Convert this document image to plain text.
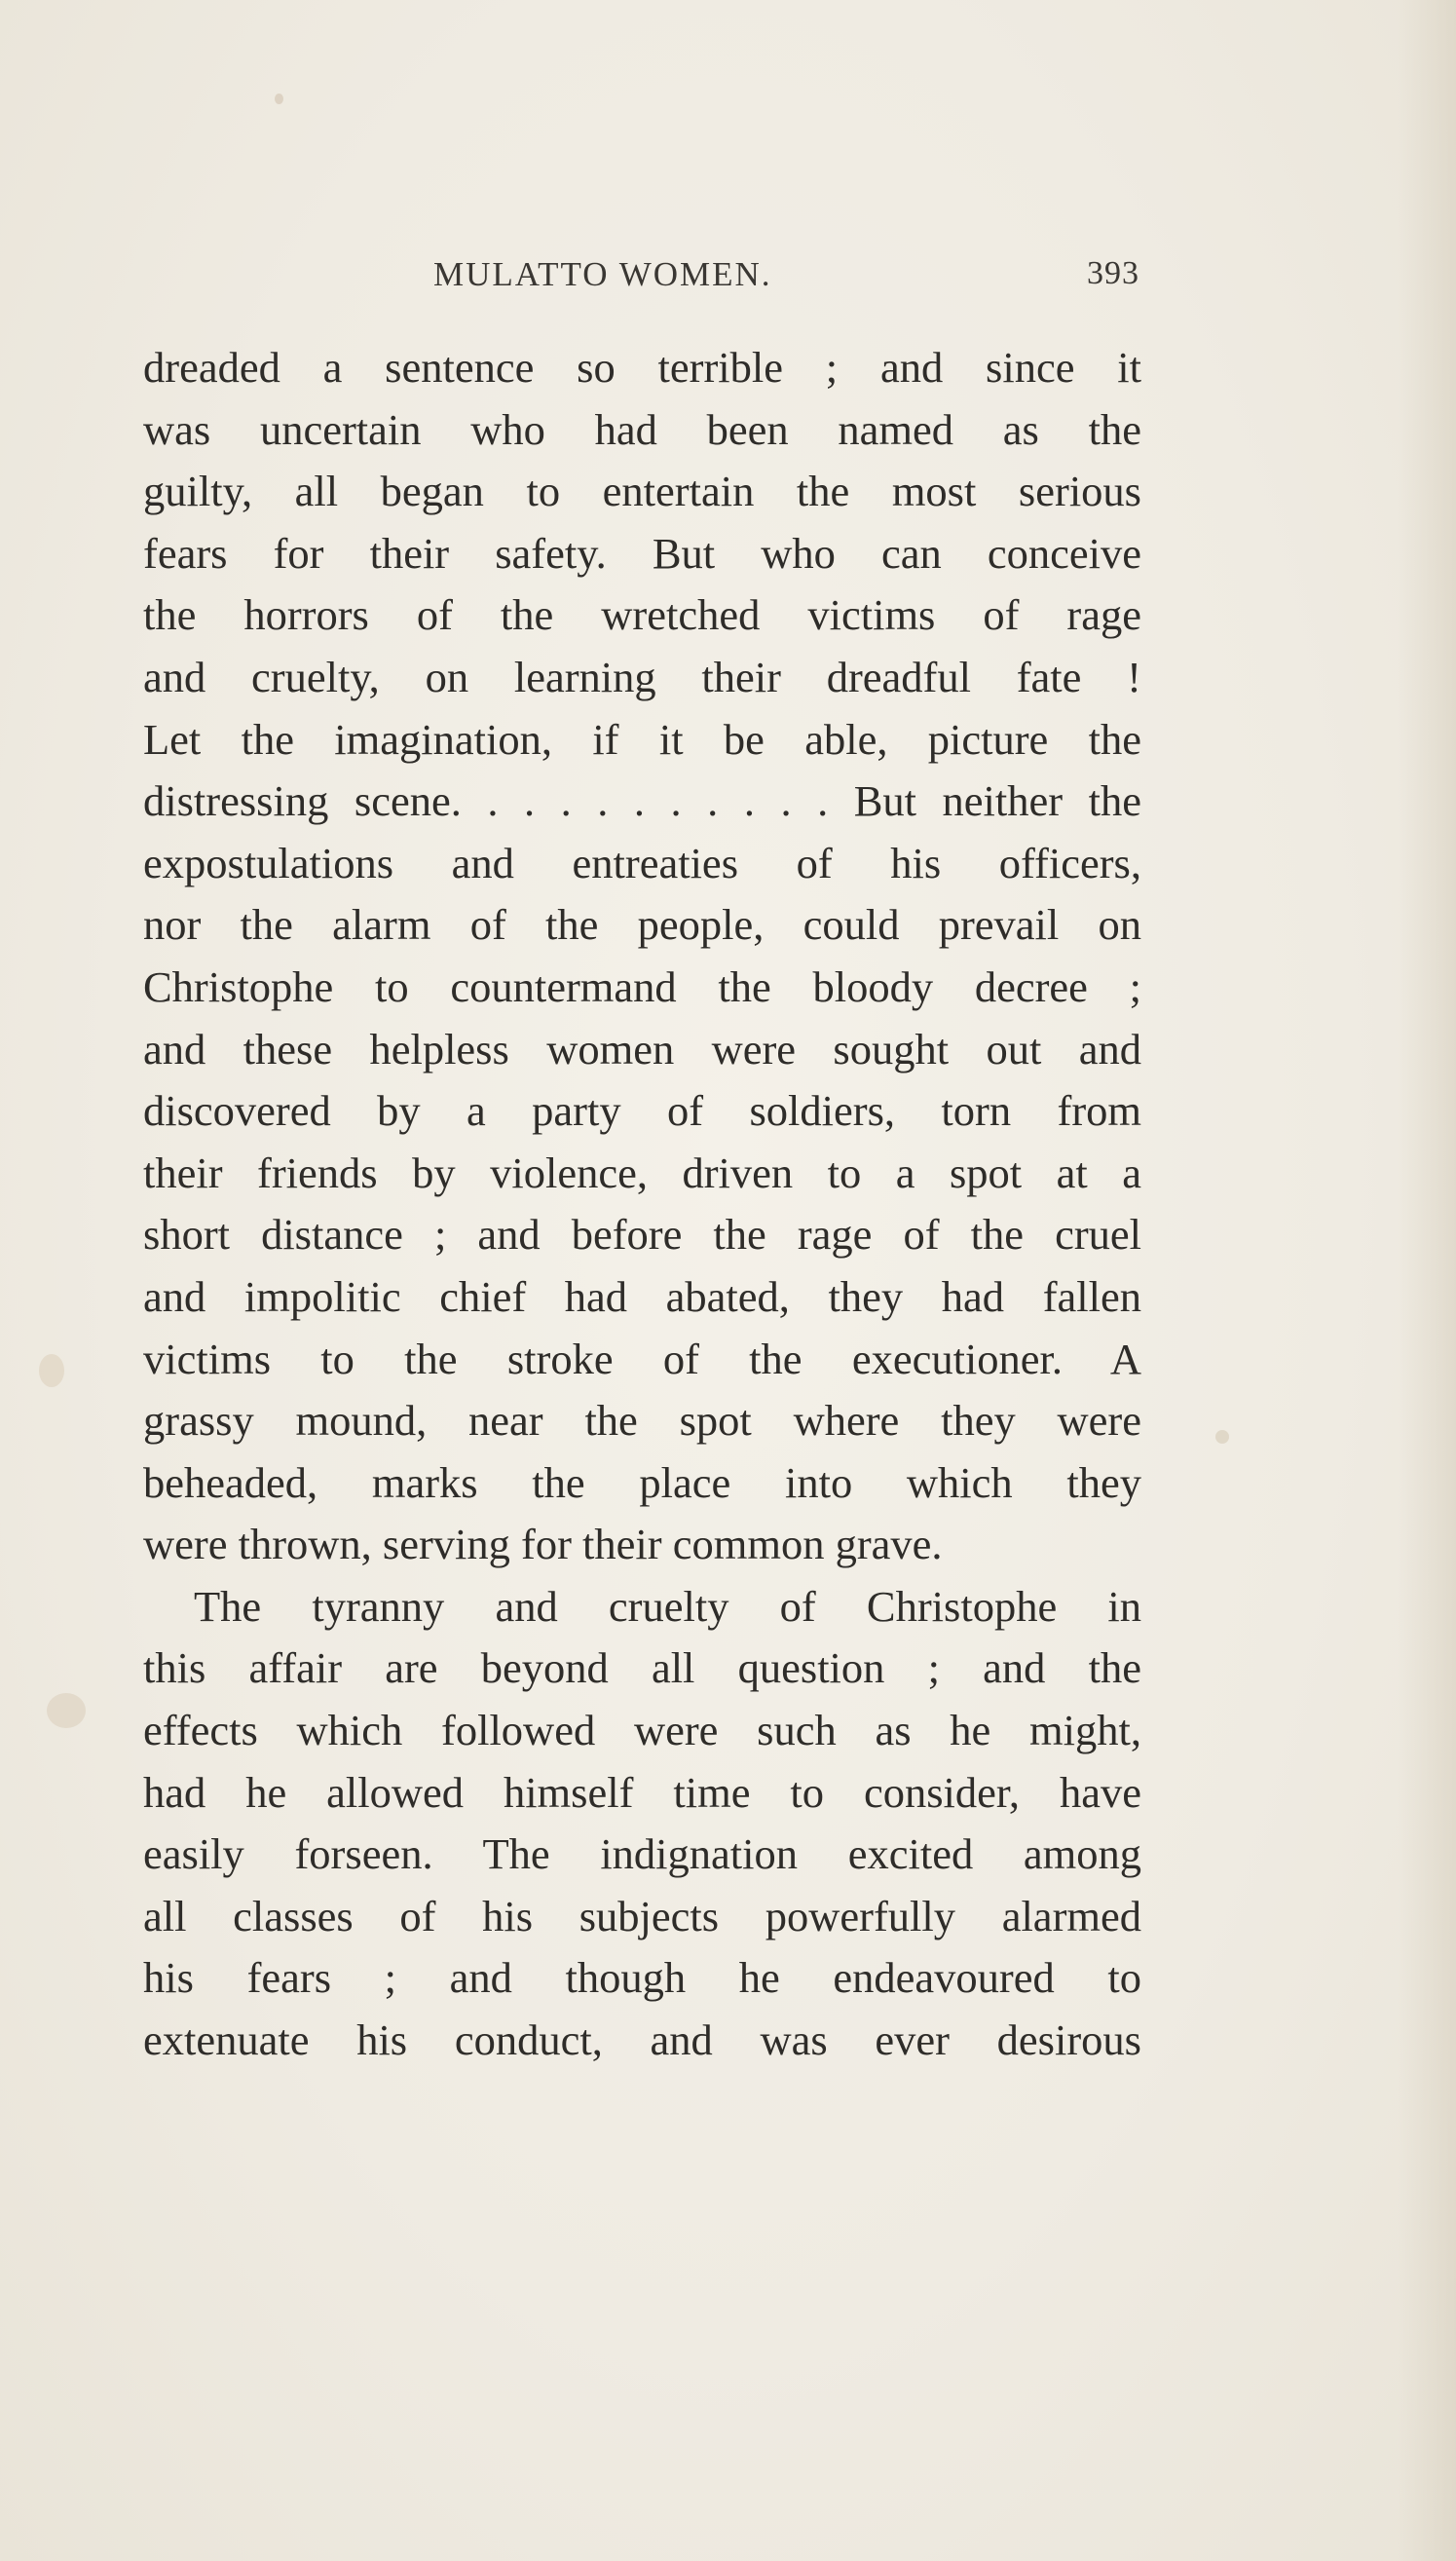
MULATTO WOMEN.	393
dreaded a sentence so terrible ; and since it
was uncertain who had been named as the
guilty, all began to entertain the most serious
fears for their safety. But who can conceive
the horrors of the wretched victims of rage
and cruelty, on learning their dreadful fate !
Let the imagination, if it be able, picture the
distressing scene. . . . . . . . . . . But neither the
expostulations and entreaties of his officers,
nor the alarm of the people, could prevail on
Christophe to countermand the bloody decree ;
and these helpless women were sought out and
discovered by a party of soldiers, torn from
their friends by violence, driven to a spot at a
short distance ; and before the rage of the cruel
and impolitic chief had abated, they had fallen
victims to the stroke of the executioner. A
grassy mound, near the spot where they were
beheaded, marks the place into which they
were thrown, serving for their common grave.
The tyranny and cruelty of Christophe in
this affair are beyond all question ; and the
effects which followed were such as he might,
had he allowed himself time to consider, have
easily forseen. The indignation excited among
all classes of his subjects powerfully alarmed
his fears ; and though he endeavoured to
extenuate his conduct, and was ever desirous
